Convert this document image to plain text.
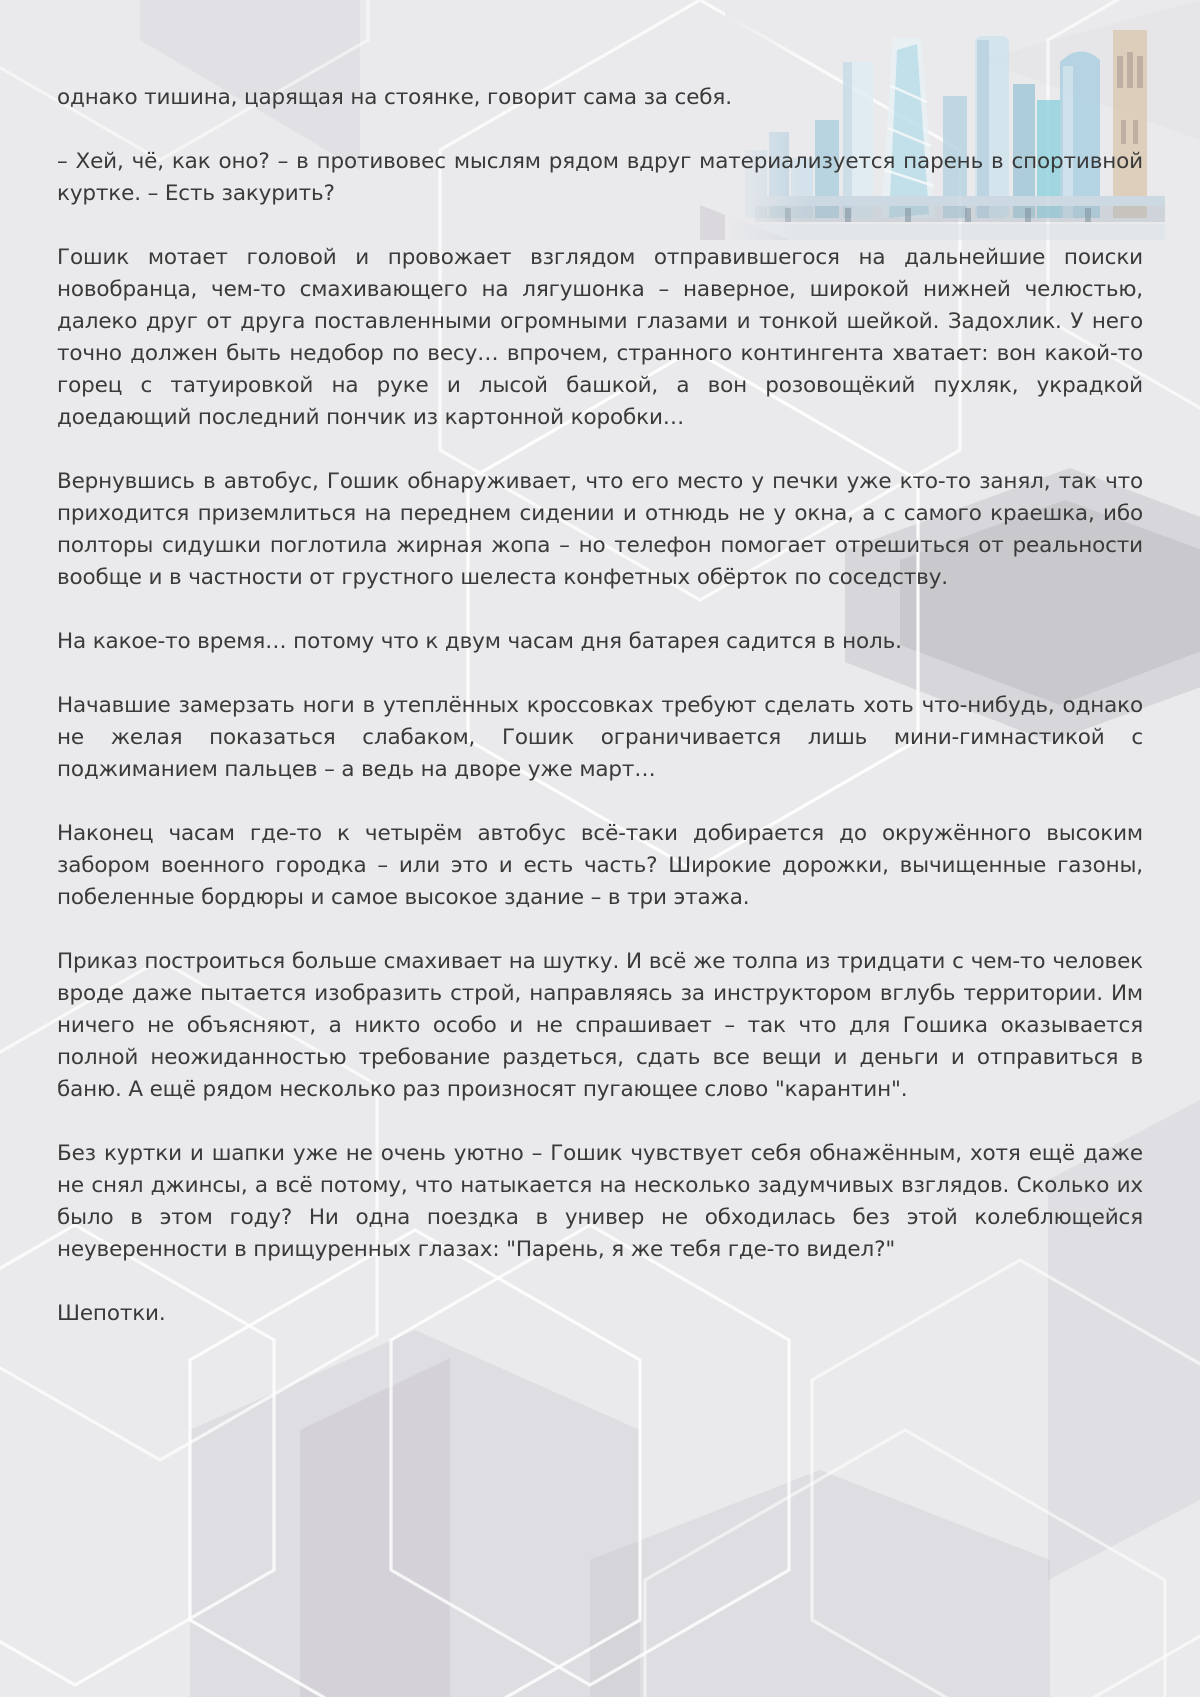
однако тишина, царящая на стоянке, говорит сама за себя.

– Хей, чё, как оно? – в противовес мыслям рядом вдруг материализуется парень в спортивной куртке. – Есть закурить?

Гошик мотает головой и провожает взглядом отправившегося на дальнейшие поиски новобранца, чем-то смахивающего на лягушонка – наверное, широкой нижней челюстью, далеко друг от друга поставленными огромными глазами и тонкой шейкой. Задохлик. У него точно должен быть недобор по весу… впрочем, странного контингента хватает: вон какой-то горец с татуировкой на руке и лысой башкой, а вон розовощёкий пухляк, украдкой доедающий последний пончик из картонной коробки…

Вернувшись в автобус, Гошик обнаруживает, что его место у печки уже кто-то занял, так что приходится приземлиться на переднем сидении и отнюдь не у окна, а с самого краешка, ибо полторы сидушки поглотила жирная жопа – но телефон помогает отрешиться от реальности вообще и в частности от грустного шелеста конфетных обёрток по соседству.

На какое-то время… потому что к двум часам дня батарея садится в ноль.

Начавшие замерзать ноги в утеплённых кроссовках требуют сделать хоть что-нибудь, однако не желая показаться слабаком, Гошик ограничивается лишь мини-гимнастикой с поджиманием пальцев – а ведь на дворе уже март…

Наконец часам где-то к четырём автобус всё-таки добирается до окружённого высоким забором военного городка – или это и есть часть? Широкие дорожки, вычищенные газоны, побеленные бордюры и самое высокое здание – в три этажа.

Приказ построиться больше смахивает на шутку. И всё же толпа из тридцати с чем-то человек вроде даже пытается изобразить строй, направляясь за инструктором вглубь территории. Им ничего не объясняют, а никто особо и не спрашивает – так что для Гошика оказывается полной неожиданностью требование раздеться, сдать все вещи и деньги и отправиться в баню. А ещё рядом несколько раз произносят пугающее слово "карантин".

Без куртки и шапки уже не очень уютно – Гошик чувствует себя обнажённым, хотя ещё даже не снял джинсы, а всё потому, что натыкается на несколько задумчивых взглядов. Сколько их было в этом году? Ни одна поездка в универ не обходилась без этой колеблющейся неуверенности в прищуренных глазах: "Парень, я же тебя где-то видел?"

Шепотки.
